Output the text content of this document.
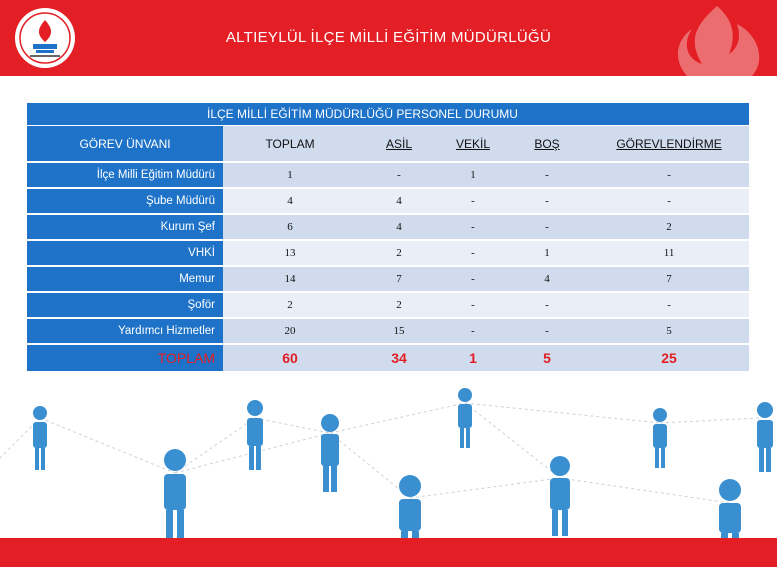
ALTIEYLÜL İLÇE MİLLİ EĞİTİM MÜDÜRLÜĞÜ
İLÇE MİLLİ EĞİTİM MÜDÜRLÜĞÜ PERSONEL DURUMU					
GÖREV ÜNVANI	TOPLAM	ASİL	VEKİL	BOŞ	GÖREVLENDİRME
İlçe Milli Eğitim Müdürü	1	-	1	-	-
Şube Müdürü	4	4	-	-	-
Kurum Şef	6	4	-	-	2
VHKİ	13	2	-	1	11
Memur	14	7	-	4	7
Şoför	2	2	-	-	-
Yardımcı Hizmetler	20	15	-	-	5
TOPLAM	60	34	1	5	25
